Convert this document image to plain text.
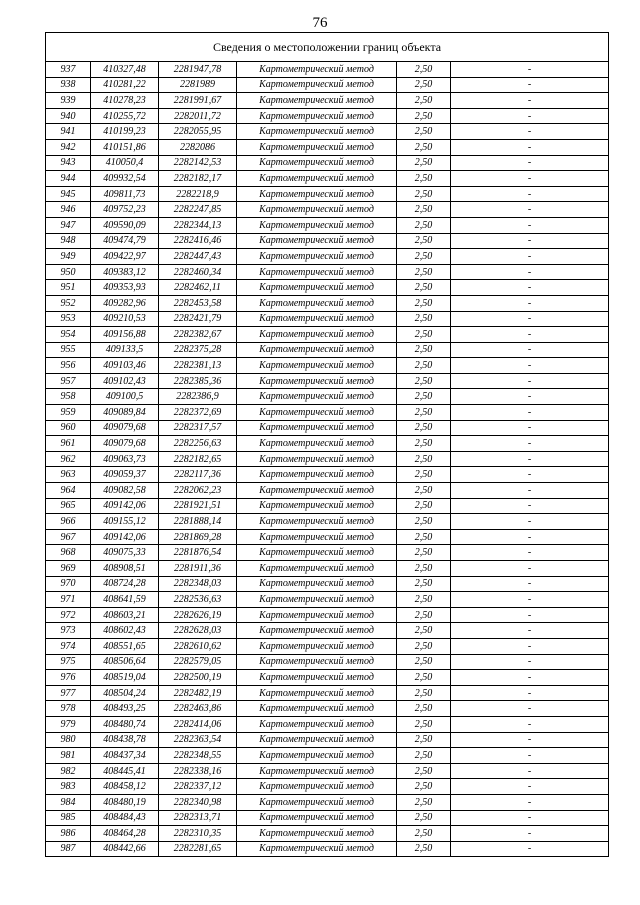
76
Сведения о местоположении границ объекта					
937	410327,48	2281947,78	Картометрический метод	2,50	-
938	410281,22	2281989	Картометрический метод	2,50	-
939	410278,23	2281991,67	Картометрический метод	2,50	-
940	410255,72	2282011,72	Картометрический метод	2,50	-
941	410199,23	2282055,95	Картометрический метод	2,50	-
942	410151,86	2282086	Картометрический метод	2,50	-
943	410050,4	2282142,53	Картометрический метод	2,50	-
944	409932,54	2282182,17	Картометрический метод	2,50	-
945	409811,73	2282218,9	Картометрический метод	2,50	-
946	409752,23	2282247,85	Картометрический метод	2,50	-
947	409590,09	2282344,13	Картометрический метод	2,50	-
948	409474,79	2282416,46	Картометрический метод	2,50	-
949	409422,97	2282447,43	Картометрический метод	2,50	-
950	409383,12	2282460,34	Картометрический метод	2,50	-
951	409353,93	2282462,11	Картометрический метод	2,50	-
952	409282,96	2282453,58	Картометрический метод	2,50	-
953	409210,53	2282421,79	Картометрический метод	2,50	-
954	409156,88	2282382,67	Картометрический метод	2,50	-
955	409133,5	2282375,28	Картометрический метод	2,50	-
956	409103,46	2282381,13	Картометрический метод	2,50	-
957	409102,43	2282385,36	Картометрический метод	2,50	-
958	409100,5	2282386,9	Картометрический метод	2,50	-
959	409089,84	2282372,69	Картометрический метод	2,50	-
960	409079,68	2282317,57	Картометрический метод	2,50	-
961	409079,68	2282256,63	Картометрический метод	2,50	-
962	409063,73	2282182,65	Картометрический метод	2,50	-
963	409059,37	2282117,36	Картометрический метод	2,50	-
964	409082,58	2282062,23	Картометрический метод	2,50	-
965	409142,06	2281921,51	Картометрический метод	2,50	-
966	409155,12	2281888,14	Картометрический метод	2,50	-
967	409142,06	2281869,28	Картометрический метод	2,50	-
968	409075,33	2281876,54	Картометрический метод	2,50	-
969	408908,51	2281911,36	Картометрический метод	2,50	-
970	408724,28	2282348,03	Картометрический метод	2,50	-
971	408641,59	2282536,63	Картометрический метод	2,50	-
972	408603,21	2282626,19	Картометрический метод	2,50	-
973	408602,43	2282628,03	Картометрический метод	2,50	-
974	408551,65	2282610,62	Картометрический метод	2,50	-
975	408506,64	2282579,05	Картометрический метод	2,50	-
976	408519,04	2282500,19	Картометрический метод	2,50	-
977	408504,24	2282482,19	Картометрический метод	2,50	-
978	408493,25	2282463,86	Картометрический метод	2,50	-
979	408480,74	2282414,06	Картометрический метод	2,50	-
980	408438,78	2282363,54	Картометрический метод	2,50	-
981	408437,34	2282348,55	Картометрический метод	2,50	-
982	408445,41	2282338,16	Картометрический метод	2,50	-
983	408458,12	2282337,12	Картометрический метод	2,50	-
984	408480,19	2282340,98	Картометрический метод	2,50	-
985	408484,43	2282313,71	Картометрический метод	2,50	-
986	408464,28	2282310,35	Картометрический метод	2,50	-
987	408442,66	2282281,65	Картометрический метод	2,50	-
